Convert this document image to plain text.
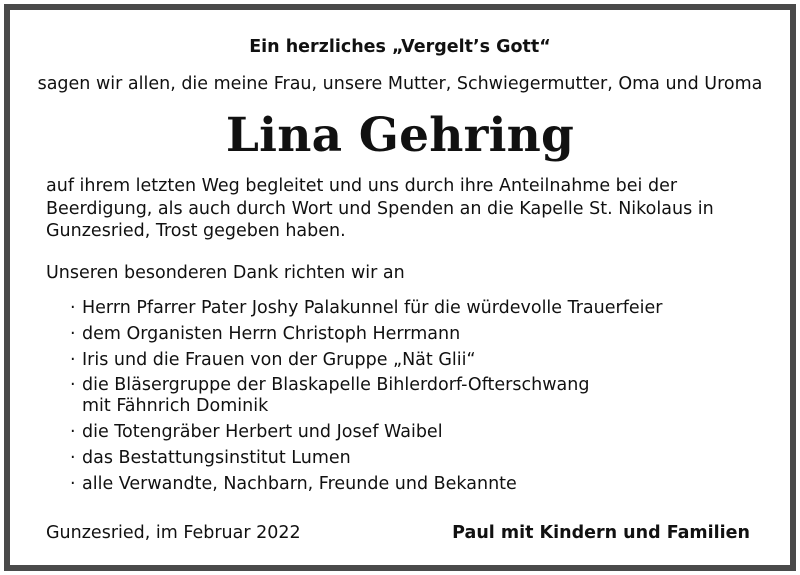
Ein herzliches „Vergelt’s Gott“
sagen wir allen, die meine Frau, unsere Mutter, Schwiegermutter, Oma und Uroma
Lina Gehring
auf ihrem letzten Weg begleitet und uns durch ihre Anteilnahme bei der Beerdigung, als auch durch Wort und Spenden an die Kapelle St. Nikolaus in Gunzesried, Trost gegeben haben.
Unseren besonderen Dank richten wir an
· Herrn Pfarrer Pater Joshy Palakunnel für die würdevolle Trauerfeier
· dem Organisten Herrn Christoph Herrmann
· Iris und die Frauen von der Gruppe „Nät Glii“
· die Bläsergruppe der Blaskapelle Bihlerdorf-Ofterschwang
mit Fähnrich Dominik
· die Totengräber Herbert und Josef Waibel
· das Bestattungsinstitut Lumen
· alle Verwandte, Nachbarn, Freunde und Bekannte
Gunzesried, im Februar 2022	Paul mit Kindern und Familien
